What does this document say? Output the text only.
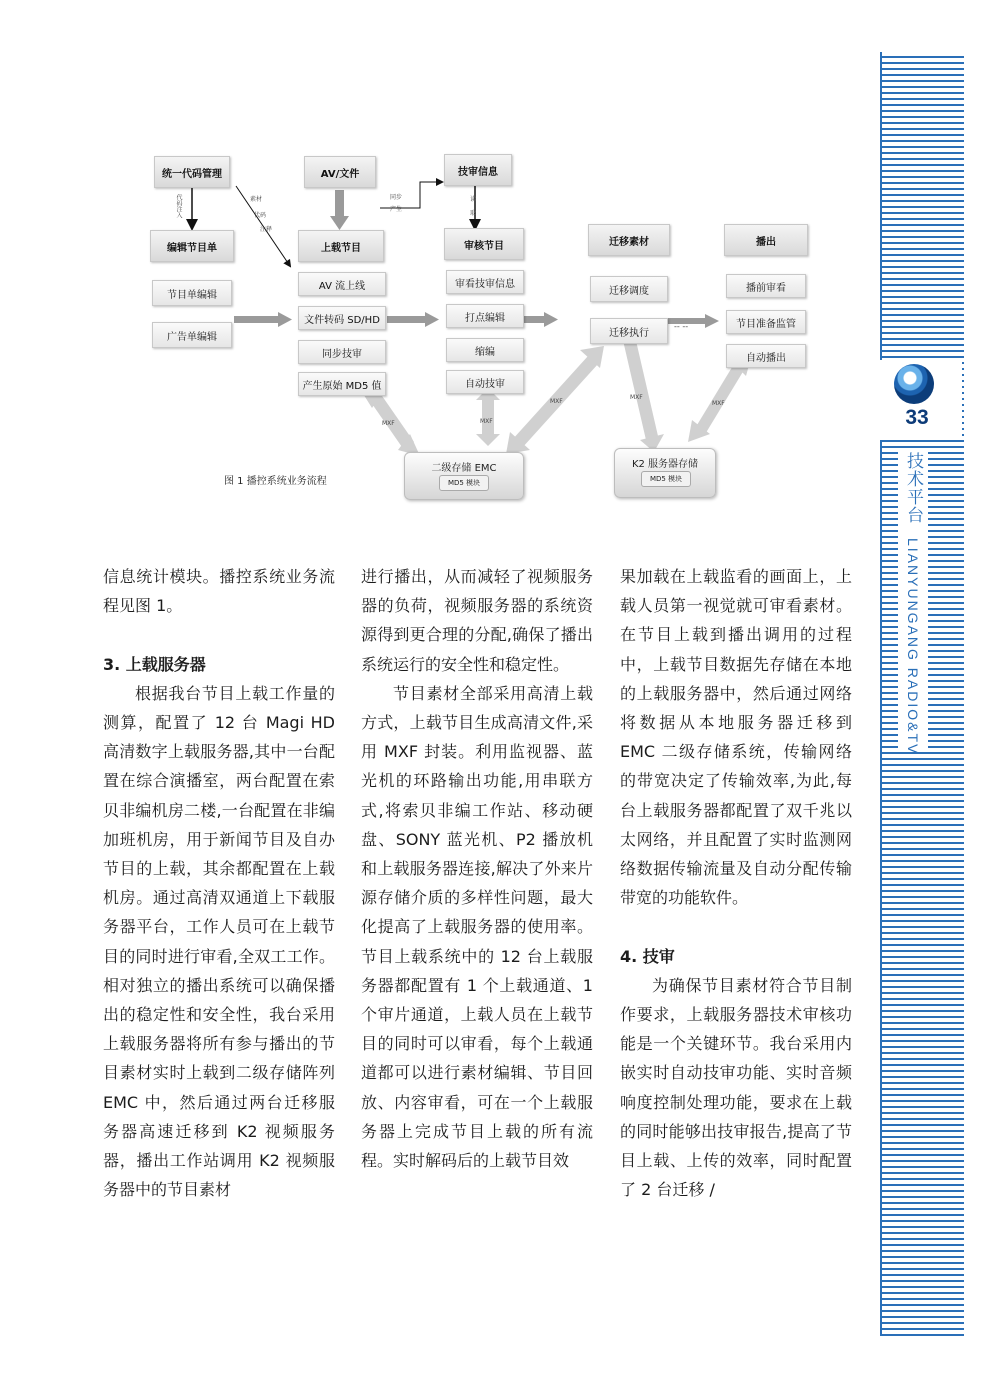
33
技术平台 LIANYUNGANG RADIO&TV
统一代码管理	AV/文件	技审信息
编辑节目单	上载节目	审核节目	迁移素材	播出
节目单编辑
广告单编辑
AV 流上线
文件转码 SD/HD
同步技审
产生原始 MD5 值
审看技审信息
打点编辑
缩编
自动技审
迁移调度
迁移执行
播前审看
节目准备监管
自动播出
二级存储 EMC
MD5 模块
K2 服务器存储
MD5 模块
代码注入	素材
代码
注释
同步
产生
读
取
MXF	MXF
MXF
MXF
MXF
-- --
图 1 播控系统业务流程

信息统计模块。播控系统业务流程见图 1。

3. 上载服务器

根据我台节目上载工作量的测算，配置了 12 台 Magi HD 高清数字上载服务器,其中一台配置在综合演播室，两台配置在索贝非编机房二楼,一台配置在非编加班机房，用于新闻节目及自办节目的上载，其余都配置在上载机房。通过高清双通道上下载服务器平台，工作人员可在上载节目的同时进行审看,全双工工作。相对独立的播出系统可以确保播出的稳定性和安全性，我台采用上载服务器将所有参与播出的节目素材实时上载到二级存储阵列 EMC 中，然后通过两台迁移服务器高速迁移到 K2 视频服务器，播出工作站调用 K2 视频服务器中的节目素材

进行播出，从而减轻了视频服务器的负荷，视频服务器的系统资源得到更合理的分配,确保了播出系统运行的安全性和稳定性。

节目素材全部采用高清上载方式，上载节目生成高清文件,采用 MXF 封装。利用监视器、蓝光机的环路输出功能,用串联方式,将索贝非编工作站、移动硬盘、SONY 蓝光机、P2 播放机和上载服务器连接,解决了外来片源存储介质的多样性问题，最大化提高了上载服务器的使用率。节目上载系统中的 12 台上载服务器都配置有 1 个上载通道、1 个审片通道，上载人员在上载节目的同时可以审看，每个上载通道都可以进行素材编辑、节目回放、内容审看，可在一个上载服务器上完成节目上载的所有流程。实时解码后的上载节目效

果加载在上载监看的画面上，上载人员第一视觉就可审看素材。在节目上载到播出调用的过程中，上载节目数据先存储在本地的上载服务器中，然后通过网络将数据从本地服务器迁移到 EMC 二级存储系统，传输网络的带宽决定了传输效率,为此,每台上载服务器都配置了双千兆以太网络，并且配置了实时监测网络数据传输流量及自动分配传输带宽的功能软件。

4. 技审

为确保节目素材符合节目制作要求，上载服务器技术审核功能是一个关键环节。我台采用内嵌实时自动技审功能、实时音频响度控制处理功能，要求在上载的同时能够出技审报告,提高了节目上载、上传的效率，同时配置了 2 台迁移 /
